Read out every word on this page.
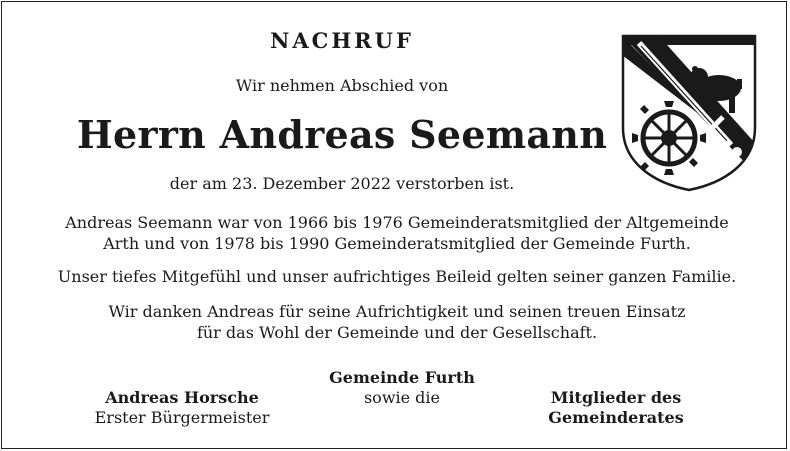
NACHRUF
Wir nehmen Abschied von
Herrn Andreas Seemann
der am 23. Dezember 2022 verstorben ist.
Andreas Seemann war von 1966 bis 1976 Gemeinderatsmitglied der Altgemeinde
Arth und von 1978 bis 1990 Gemeinderatsmitglied der Gemeinde Furth.
Unser tiefes Mitgefühl und unser aufrichtiges Beileid gelten seiner ganzen Familie.
Wir danken Andreas für seine Aufrichtigkeit und seinen treuen Einsatz
für das Wohl der Gemeinde und der Gesellschaft.
Andreas Horsche
Erster Bürgermeister
Gemeinde Furth
sowie die	Mitglieder des
Gemeinderates
